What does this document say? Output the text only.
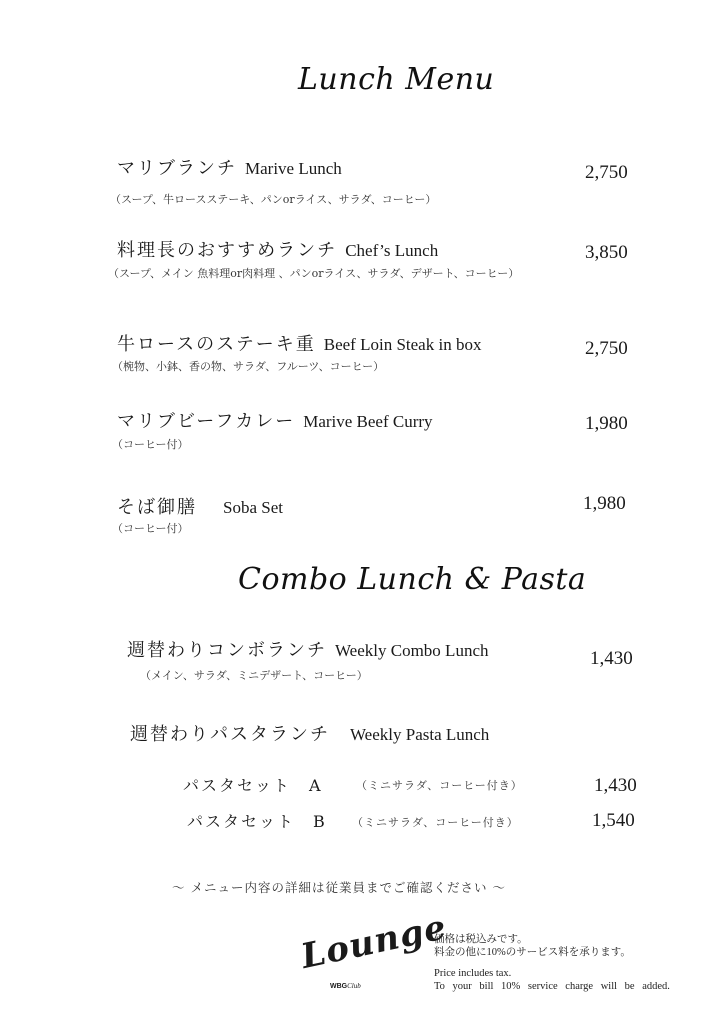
Lunch Menu
マリブランチ Marive Lunch
（スープ、牛ロースステーキ、パンorライス、サラダ、コーヒー）
2,750
料理長のおすすめランチ Chef’s Lunch
（スープ、メイン 魚料理or肉料理 、パンorライス、サラダ、デザート、コーヒー）
3,850
牛ロースのステーキ重 Beef Loin Steak in box
（椀物、小鉢、香の物、サラダ、フルーツ、コーヒー）
2,750
マリブビーフカレー Marive Beef Curry
（コーヒー付）
1,980
そば御膳 Soba Set
（コーヒー付）
1,980
Combo Lunch & Pasta
週替わりコンボランチ Weekly Combo Lunch
（メイン、サラダ、ミニデザート、コーヒー）
1,430
週替わりパスタランチ Weekly Pasta Lunch
パスタセット　A	（ミニサラダ、コーヒー付き）	1,430
パスタセット　B （ミニサラダ、コーヒー付き）	1,540
～ メニュー内容の詳細は従業員までご確認ください ～
Lounge
WBGClub
価格は税込みです。
料金の他に10%のサービス料を承ります。
Price includes tax.
To your bill 10% service charge will be added.
